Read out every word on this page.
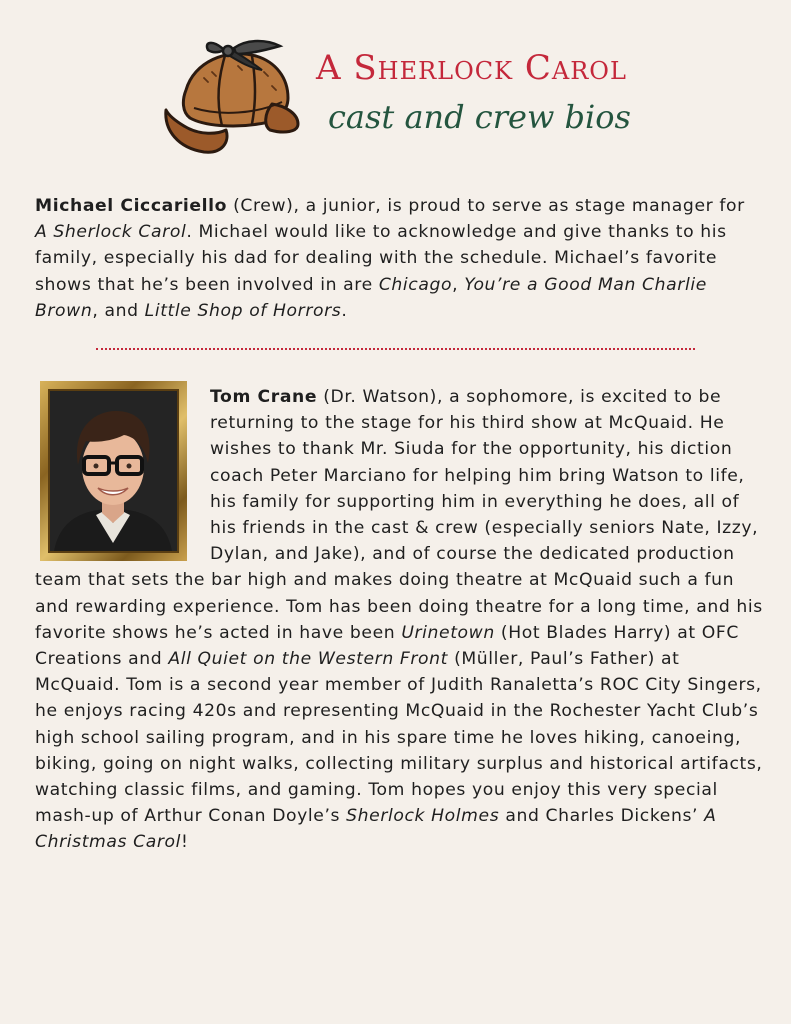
A Sherlock Carol
cast and crew bios

Michael Ciccariello (Crew), a junior, is proud to serve as stage manager for A Sherlock Carol. Michael would like to acknowledge and give thanks to his family, especially his dad for dealing with the schedule. Michael’s favorite shows that he’s been involved in are Chicago, You’re a Good Man Charlie Brown, and Little Shop of Horrors.

Tom Crane (Dr. Watson), a sophomore, is excited to be returning to the stage for his third show at McQuaid. He wishes to thank Mr. Siuda for the opportunity, his diction coach Peter Marciano for helping him bring Watson to life, his family for supporting him in everything he does, all of his friends in the cast & crew (especially seniors Nate, Izzy, Dylan, and Jake), and of course the dedicated production team that sets the bar high and makes doing theatre at McQuaid such a fun and rewarding experience. Tom has been doing theatre for a long time, and his favorite shows he’s acted in have been Urinetown (Hot Blades Harry) at OFC Creations and All Quiet on the Western Front (Müller, Paul’s Father) at McQuaid. Tom is a second year member of Judith Ranaletta’s ROC City Singers, he enjoys racing 420s and representing McQuaid in the Rochester Yacht Club’s high school sailing program, and in his spare time he loves hiking, canoeing, biking, going on night walks, collecting military surplus and historical artifacts, watching classic films, and gaming. Tom hopes you enjoy this very special mash-up of Arthur Conan Doyle’s Sherlock Holmes and Charles Dickens’ A Christmas Carol!
